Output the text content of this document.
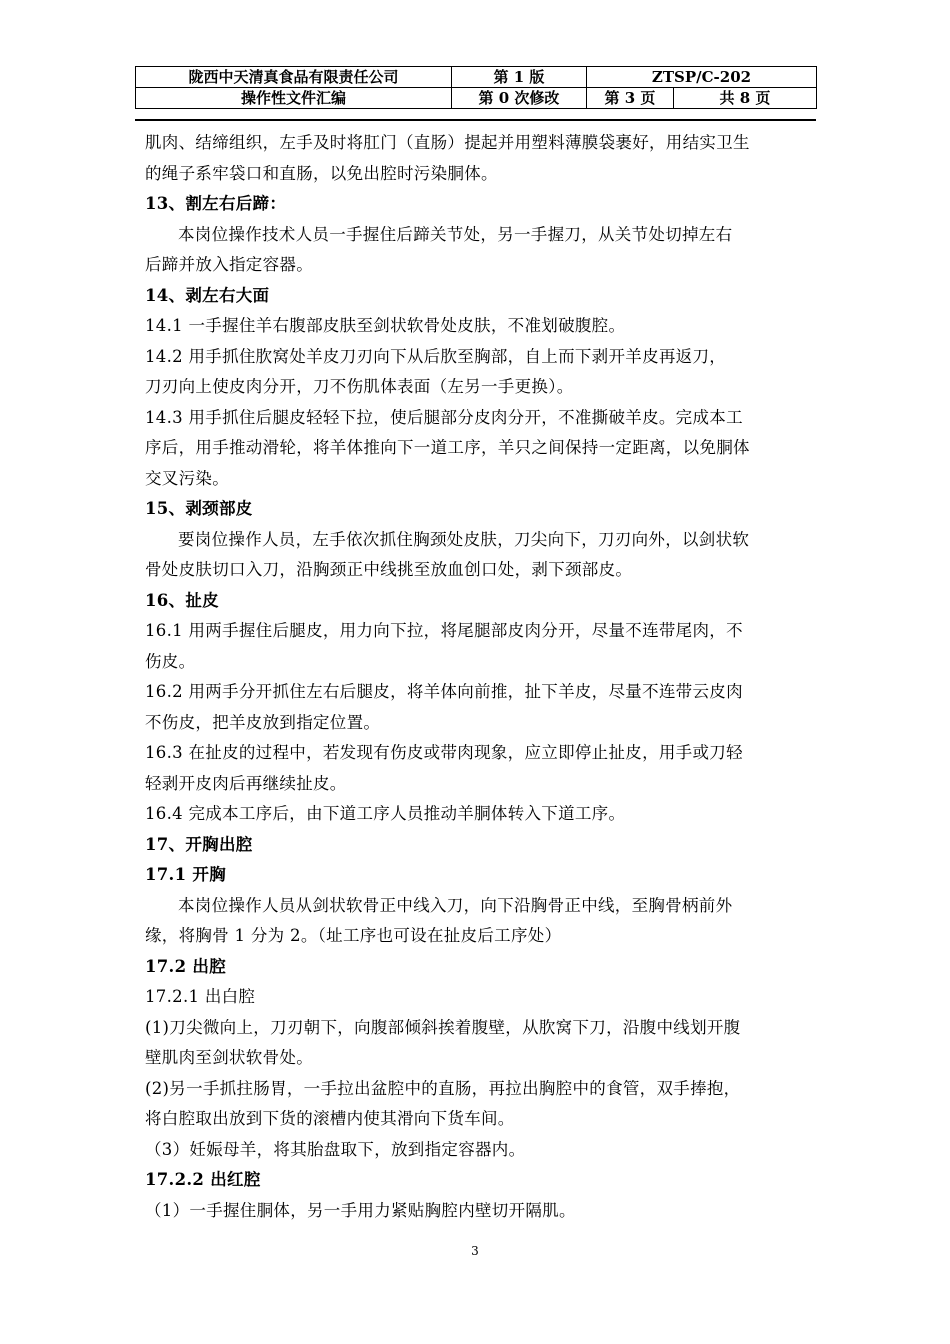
陇西中天清真食品有限责任公司	第 1 版	ZTSP/C-202	
操作性文件汇编	第 0 次修改	第 3 页	共 8 页

肌肉、结缔组织，左手及时将肛门（直肠）提起并用塑料薄膜袋裹好，用结实卫生

的绳子系牢袋口和直肠，以免出腔时污染胴体。

13、割左右后蹄：

本岗位操作技术人员一手握住后蹄关节处，另一手握刀，从关节处切掉左右

后蹄并放入指定容器。

14、剥左右大面

14.1 一手握住羊右腹部皮肤至剑状软骨处皮肤，不准划破腹腔。

14.2 用手抓住肷窝处羊皮刀刃向下从后肷至胸部，自上而下剥开羊皮再返刀，

刀刃向上使皮肉分开，刀不伤肌体表面（左另一手更换）。

14.3 用手抓住后腿皮轻轻下拉，使后腿部分皮肉分开，不准撕破羊皮。完成本工

序后，用手推动滑轮，将羊体推向下一道工序，羊只之间保持一定距离，以免胴体

交叉污染。

15、剥颈部皮

要岗位操作人员，左手依次抓住胸颈处皮肤，刀尖向下，刀刃向外，以剑状软

骨处皮肤切口入刀，沿胸颈正中线挑至放血创口处，剥下颈部皮。

16、扯皮

16.1 用两手握住后腿皮，用力向下拉，将尾腿部皮肉分开，尽量不连带尾肉，不

伤皮。

16.2 用两手分开抓住左右后腿皮，将羊体向前推，扯下羊皮，尽量不连带云皮肉

不伤皮，把羊皮放到指定位置。

16.3 在扯皮的过程中，若发现有伤皮或带肉现象，应立即停止扯皮，用手或刀轻

轻剥开皮肉后再继续扯皮。

16.4 完成本工序后，由下道工序人员推动羊胴体转入下道工序。

17、开胸出腔

17.1 开胸

本岗位操作人员从剑状软骨正中线入刀，向下沿胸骨正中线，至胸骨柄前外

缘，将胸骨 1 分为 2。（址工序也可设在扯皮后工序处）

17.2 出腔

17.2.1 出白腔

(1)刀尖微向上，刀刃朝下，向腹部倾斜挨着腹壁，从肷窝下刀，沿腹中线划开腹

壁肌肉至剑状软骨处。

(2)另一手抓拄肠胃，一手拉出盆腔中的直肠，再拉出胸腔中的食管，双手捧抱，

将白腔取出放到下货的滚槽内使其滑向下货车间。

（3）妊娠母羊，将其胎盘取下，放到指定容器内。

17.2.2 出红腔

（1）一手握住胴体，另一手用力紧贴胸腔内壁切开隔肌。

3
